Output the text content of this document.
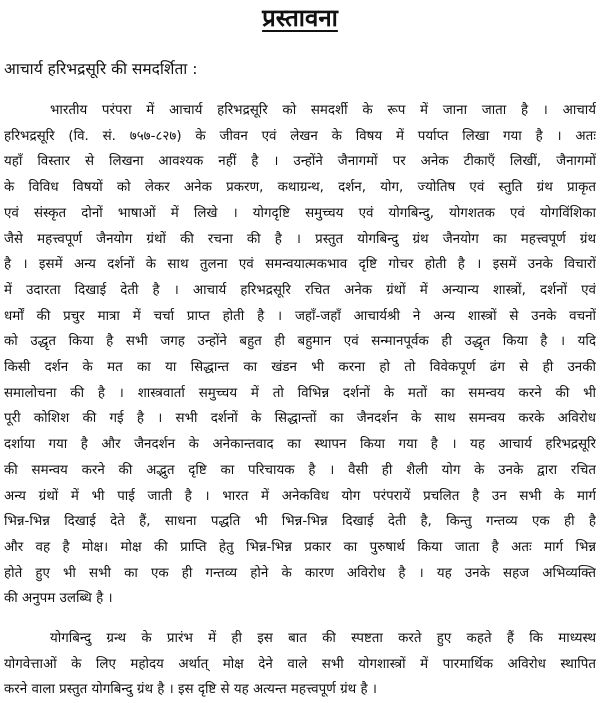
प्रस्तावना
आचार्य हरिभद्रसूरि की समदर्शिता :

भारतीय परंपरा में आचार्य हरिभद्रसूरि को समदर्शी के रूप में जाना जाता है । आचार्य
हरिभद्रसूरि (वि. सं. ७५७-८२७) के जीवन एवं लेखन के विषय में पर्याप्त लिखा गया है । अतः
यहाँ विस्तार से लिखना आवश्यक नहीं है । उन्होंने जैनागमों पर अनेक टीकाएँ लिखीं, जैनागमों
के विविध विषयों को लेकर अनेक प्रकरण, कथाग्रन्थ, दर्शन, योग, ज्योतिष एवं स्तुति ग्रंथ प्राकृत
एवं संस्कृत दोनों भाषाओं में लिखे । योगदृष्टि समुच्चय एवं योगबिन्दु, योगशतक एवं योगविंशिका
जैसे महत्त्वपूर्ण जैनयोग ग्रंथों की रचना की है । प्रस्तुत योगबिन्दु ग्रंथ जैनयोग का महत्त्वपूर्ण ग्रंथ
है । इसमें अन्य दर्शनों के साथ तुलना एवं समन्वयात्मकभाव दृष्टि गोचर होती है । इसमें उनके विचारों
में उदारता दिखाई देती है । आचार्य हरिभद्रसूरि रचित अनेक ग्रंथों में अन्यान्य शास्त्रों, दर्शनों एवं
धर्मों की प्रचुर मात्रा में चर्चा प्राप्त होती है । जहाँ-जहाँ आचार्यश्री ने अन्य शास्त्रों से उनके वचनों
को उद्धृत किया है सभी जगह उन्होंने बहुत ही बहुमान एवं सन्मानपूर्वक ही उद्धृत किया है । यदि
किसी दर्शन के मत का या सिद्धान्त का खंडन भी करना हो तो विवेकपूर्ण ढंग से ही उनकी
समालोचना की है । शास्त्रवार्ता समुच्चय में तो विभिन्न दर्शनों के मतों का समन्वय करने की भी
पूरी कोशिश की गई है । सभी दर्शनों के सिद्धान्तों का जैनदर्शन के साथ समन्वय करके अविरोध
दर्शाया गया है और जैनदर्शन के अनेकान्तवाद का स्थापन किया गया है । यह आचार्य हरिभद्रसूरि
की समन्वय करने की अद्भुत दृष्टि का परिचायक है । वैसी ही शैली योग के उनके द्वारा रचित
अन्य ग्रंथों में भी पाई जाती है । भारत में अनेकविध योग परंपरायें प्रचलित है उन सभी के मार्ग
भिन्न-भिन्न दिखाई देते हैं, साधना पद्धति भी भिन्न-भिन्न दिखाई देती है, किन्तु गन्तव्य एक ही है
और वह है मोक्ष। मोक्ष की प्राप्ति हेतु भिन्न-भिन्न प्रकार का पुरुषार्थ किया जाता है अतः मार्ग भिन्न
होते हुए भी सभी का एक ही गन्तव्य होने के कारण अविरोध है । यह उनके सहज अभिव्यक्ति
की अनुपम उलब्धि है ।

योगबिन्दु ग्रन्थ के प्रारंभ में ही इस बात की स्पष्टता करते हुए कहते हैं कि माध्यस्थ
योगवेत्ताओं के लिए महोदय अर्थात् मोक्ष देने वाले सभी योगशास्त्रों में पारमार्थिक अविरोध स्थापित
करने वाला प्रस्तुत योगबिन्दु ग्रंथ है । इस दृष्टि से यह अत्यन्त महत्त्वपूर्ण ग्रंथ है ।
